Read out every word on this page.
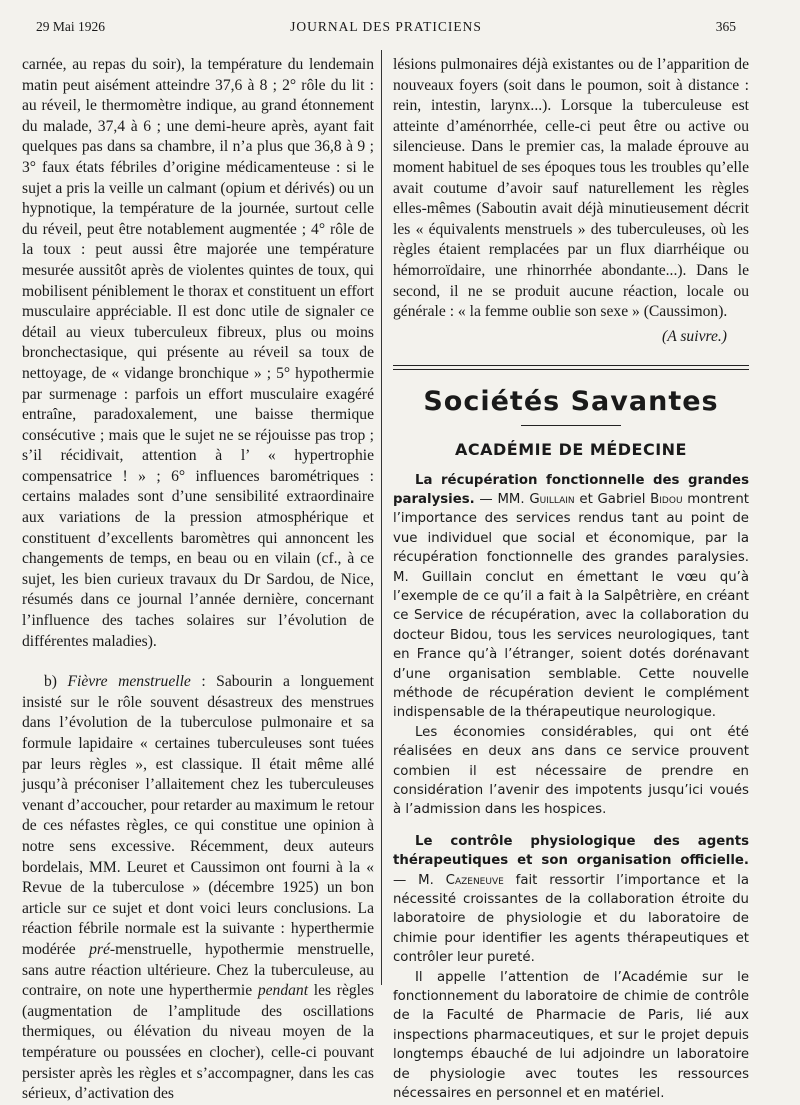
29 Mai 1926	JOURNAL DES PRATICIENS	365

carnée, au repas du soir), la température du lendemain matin peut aisément atteindre 37,6 à 8 ; 2° rôle du lit : au réveil, le thermomètre indique, au grand étonnement du malade, 37,4 à 6 ; une demi-heure après, ayant fait quelques pas dans sa chambre, il n’a plus que 36,8 à 9 ; 3° faux états fébriles d’origine médicamenteuse : si le sujet a pris la veille un calmant (opium et dérivés) ou un hypnotique, la température de la journée, surtout celle du réveil, peut être notablement augmentée ; 4° rôle de la toux : peut aussi être majorée une température mesurée aussitôt après de violentes quintes de toux, qui mobilisent péniblement le thorax et constituent un effort musculaire appréciable. Il est donc utile de signaler ce détail au vieux tuberculeux fibreux, plus ou moins bronchectasique, qui présente au réveil sa toux de nettoyage, de « vidange bronchique » ; 5° hypothermie par surmenage : parfois un effort musculaire exagéré entraîne, paradoxalement, une baisse thermique consécutive ; mais que le sujet ne se réjouisse pas trop ; s’il récidivait, attention à l’ « hypertrophie compensatrice ! » ; 6° influences barométriques : certains malades sont d’une sensibilité extraordinaire aux variations de la pression atmosphérique et constituent d’excellents baromètres qui annoncent les changements de temps, en beau ou en vilain (cf., à ce sujet, les bien curieux travaux du Dr Sardou, de Nice, résumés dans ce journal l’année dernière, concernant l’influence des taches solaires sur l’évolution de différentes maladies).

b) Fièvre menstruelle : Sabourin a longuement insisté sur le rôle souvent désastreux des menstrues dans l’évolution de la tuberculose pulmonaire et sa formule lapidaire « certaines tuberculeuses sont tuées par leurs règles », est classique. Il était même allé jusqu’à préconiser l’allaitement chez les tuberculeuses venant d’accoucher, pour retarder au maximum le retour de ces néfastes règles, ce qui constitue une opinion à notre sens excessive. Récemment, deux auteurs bordelais, MM. Leuret et Caussimon ont fourni à la « Revue de la tuberculose » (décembre 1925) un bon article sur ce sujet et dont voici leurs conclusions. La réaction fébrile normale est la suivante : hyperthermie modérée pré-menstruelle, hypothermie menstruelle, sans autre réaction ultérieure. Chez la tuberculeuse, au contraire, on note une hyperthermie pendant les règles (augmentation de l’amplitude des oscillations thermiques, ou élévation du niveau moyen de la température ou poussées en clocher), celle-ci pouvant persister après les règles et s’accompagner, dans les cas sérieux, d’activation des

lésions pulmonaires déjà existantes ou de l’apparition de nouveaux foyers (soit dans le poumon, soit à distance : rein, intestin, larynx...). Lorsque la tuberculeuse est atteinte d’aménorrhée, celle-ci peut être ou active ou silencieuse. Dans le premier cas, la malade éprouve au moment habituel de ses époques tous les troubles qu’elle avait coutume d’avoir sauf naturellement les règles elles-mêmes (Saboutin avait déjà minutieusement décrit les « équivalents menstruels » des tuberculeuses, où les règles étaient remplacées par un flux diarrhéique ou hémorroïdaire, une rhinorrhée abondante...). Dans le second, il ne se produit aucune réaction, locale ou générale : « la femme oublie son sexe » (Caussimon).

(A suivre.)

Sociétés Savantes
ACADÉMIE DE MÉDECINE

La récupération fonctionnelle des grandes paralysies. — MM. Guillain et Gabriel Bidou montrent l’importance des services rendus tant au point de vue individuel que social et économique, par la récupération fonctionnelle des grandes paralysies. M. Guillain conclut en émettant le vœu qu’à l’exemple de ce qu’il a fait à la Salpêtrière, en créant ce Service de récupération, avec la collaboration du docteur Bidou, tous les services neurologiques, tant en France qu’à l’étranger, soient dotés dorénavant d’une organisation semblable. Cette nouvelle méthode de récupération devient le complément indispensable de la thérapeutique neurologique.

Les économies considérables, qui ont été réalisées en deux ans dans ce service prouvent combien il est nécessaire de prendre en considération l’avenir des impotents jusqu’ici voués à l’admission dans les hospices.

Le contrôle physiologique des agents thérapeutiques et son organisation officielle. — M. Cazeneuve fait ressortir l’importance et la nécessité croissantes de la collaboration étroite du laboratoire de physiologie et du laboratoire de chimie pour identifier les agents thérapeutiques et contrôler leur pureté.

Il appelle l’attention de l’Académie sur le fonctionnement du laboratoire de chimie de contrôle de la Faculté de Pharmacie de Paris, lié aux inspections pharmaceutiques, et sur le projet depuis longtemps ébauché de lui adjoindre un laboratoire de physiologie avec toutes les ressources nécessaires en personnel et en matériel.
